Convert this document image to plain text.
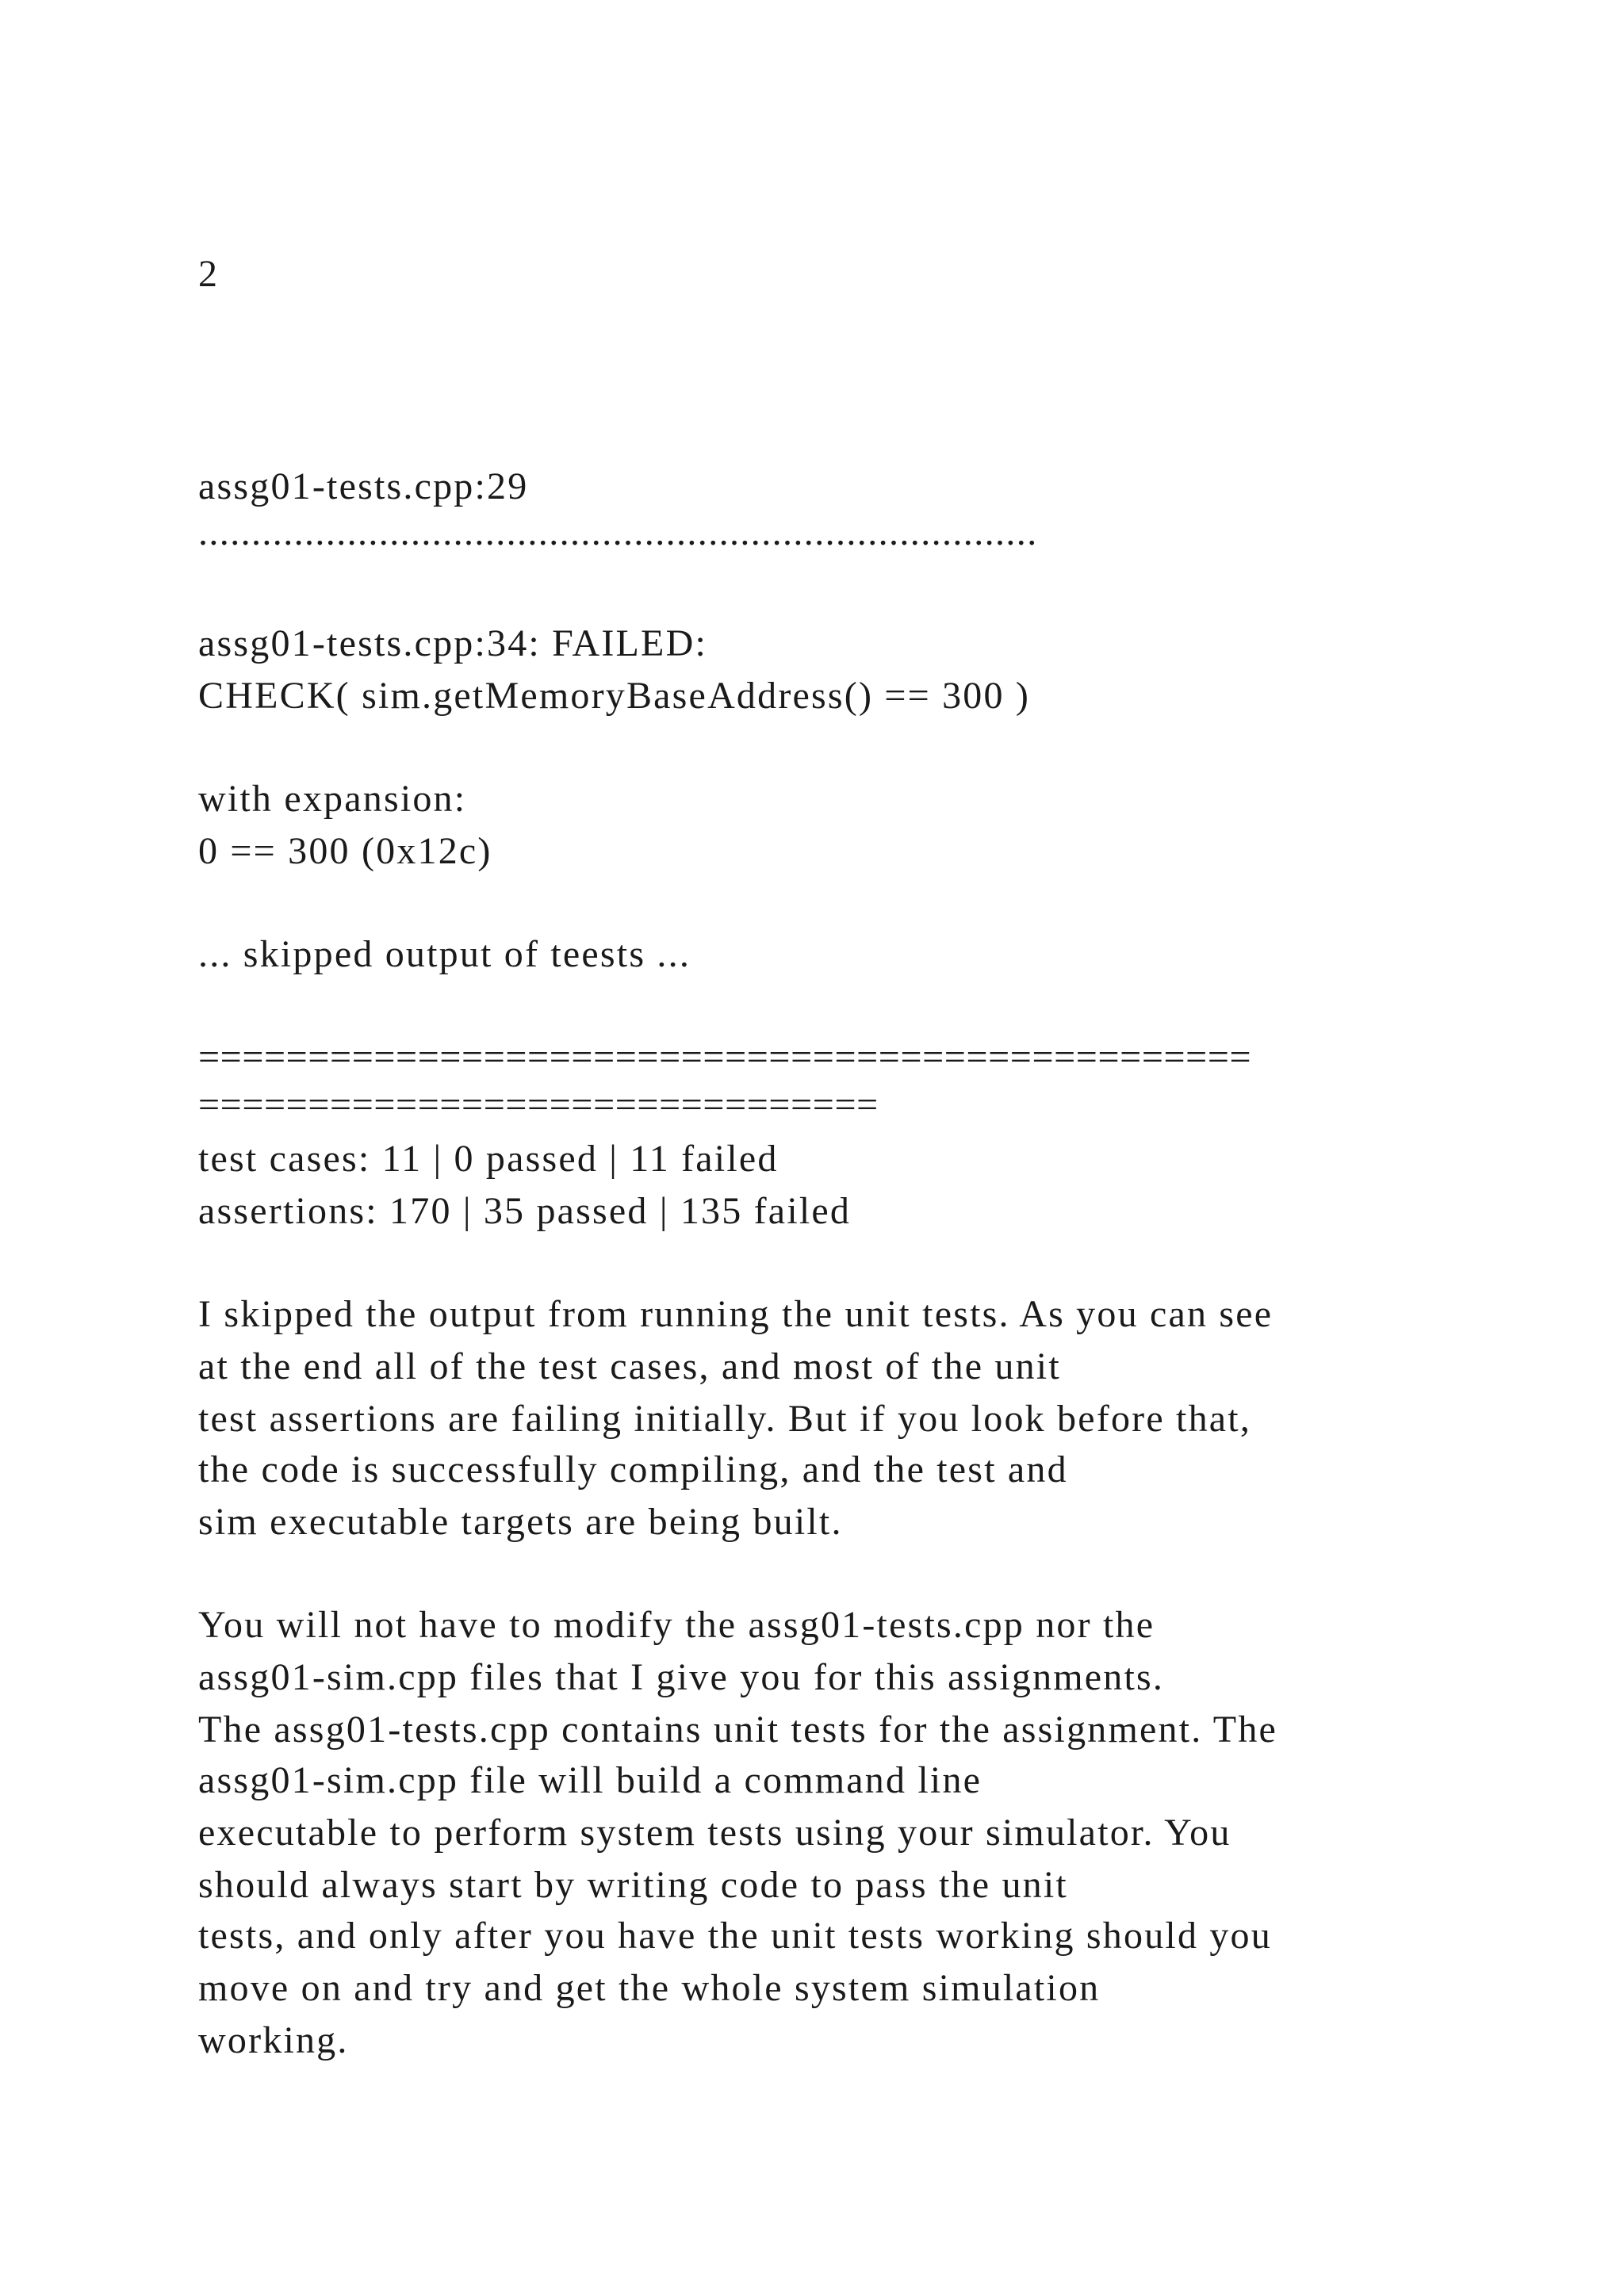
2
assg01-tests.cpp:29
...............................................................................
assg01-tests.cpp:34: FAILED:
CHECK( sim.getMemoryBaseAddress() == 300 )
with expansion:
0 == 300 (0x12c)
... skipped output of teests ...
================================================
===============================
test cases: 11 | 0 passed | 11 failed
assertions: 170 | 35 passed | 135 failed
I skipped the output from running the unit tests. As you can see
at the end all of the test cases, and most of the unit
test assertions are failing initially. But if you look before that,
the code is successfully compiling, and the test and
sim executable targets are being built.
You will not have to modify the assg01-tests.cpp nor the
assg01-sim.cpp files that I give you for this assignments.
The assg01-tests.cpp contains unit tests for the assignment. The
assg01-sim.cpp file will build a command line
executable to perform system tests using your simulator. You
should always start by writing code to pass the unit
tests, and only after you have the unit tests working should you
move on and try and get the whole system simulation
working.
